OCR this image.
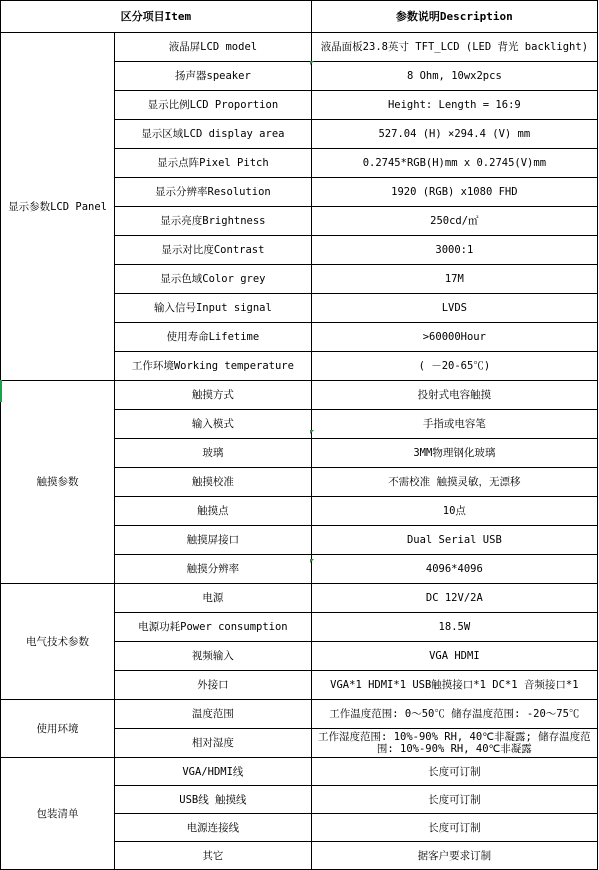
区分项目Item		参数说明Description
显示参数LCD Panel	液晶屏LCD model	液晶面板23.8英寸 TFT_LCD (LED 背光 backlight)
	扬声器speaker	8 Ohm, 10wx2pcs
	显示比例LCD Proportion	Height: Length = 16:9
	显示区域LCD display area	527.04 (H) ×294.4 (V) mm
	显示点阵Pixel Pitch	0.2745*RGB(H)mm x 0.2745(V)mm
	显示分辨率Resolution	1920 (RGB) x1080 FHD
	显示亮度Brightness	250cd/㎡
	显示对比度Contrast	3000:1
	显示色域Color grey	17M
	输入信号Input signal	LVDS
	使用寿命Lifetime	>60000Hour
	工作环境Working temperature	( －20-65℃)
触摸参数	触摸方式	投射式电容触摸
	输入模式	手指或电容笔
	玻璃	3MM物理钢化玻璃
	触摸校准	不需校准 触摸灵敏，无漂移
	触摸点	10点
	触摸屏接口	Dual Serial USB
	触摸分辨率	4096*4096
电气技术参数	电源	DC 12V/2A
	电源功耗Power consumption	18.5W
	视频输入	VGA HDMI
	外接口	VGA*1 HDMI*1 USB触摸接口*1 DC*1 音频接口*1
使用环境	温度范围	工作温度范围: 0～50℃ 储存温度范围: -20～75℃
	相对湿度	工作湿度范围: 10%-90% RH, 40℃非凝露; 储存温度范围: 10%-90% RH, 40℃非凝露
包装清单	VGA/HDMI线	长度可订制
	USB线 触摸线	长度可订制
	电源连接线	长度可订制
	其它	据客户要求订制
